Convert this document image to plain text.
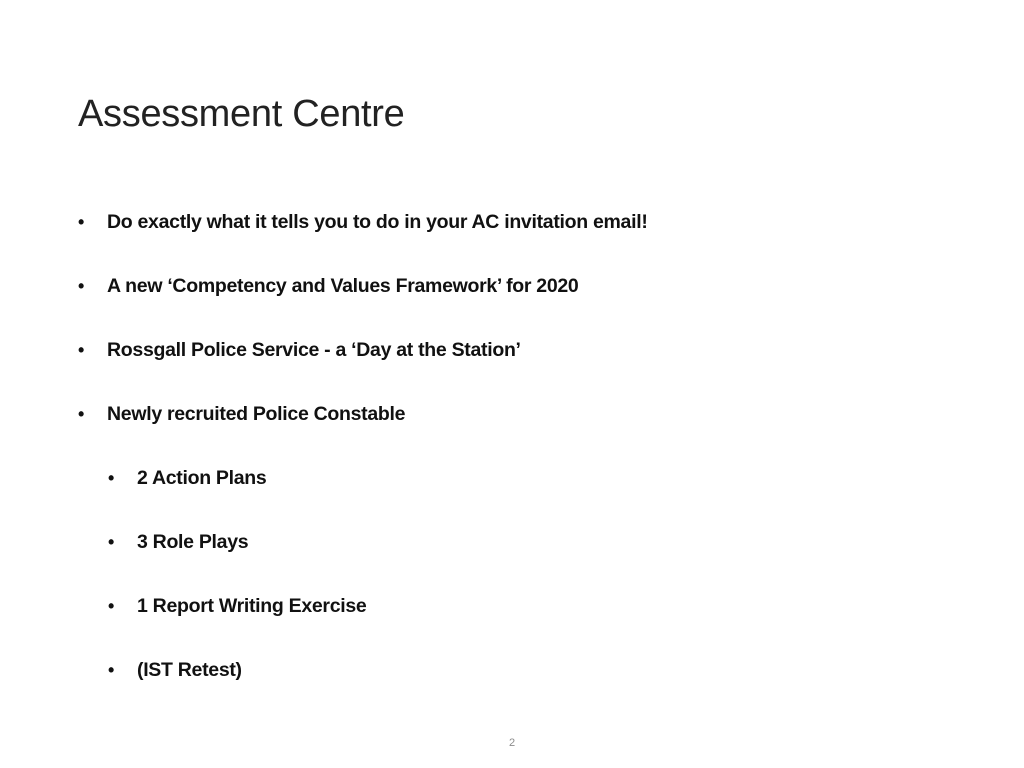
Assessment Centre
•	Do exactly what it tells you to do in your AC invitation email!
•	A new ‘Competency and Values Framework’ for 2020
•	Rossgall Police Service - a ‘Day at the Station’
•	Newly recruited Police Constable
•	2 Action Plans
•	3 Role Plays
•	1 Report Writing Exercise
•	(IST Retest)
2
